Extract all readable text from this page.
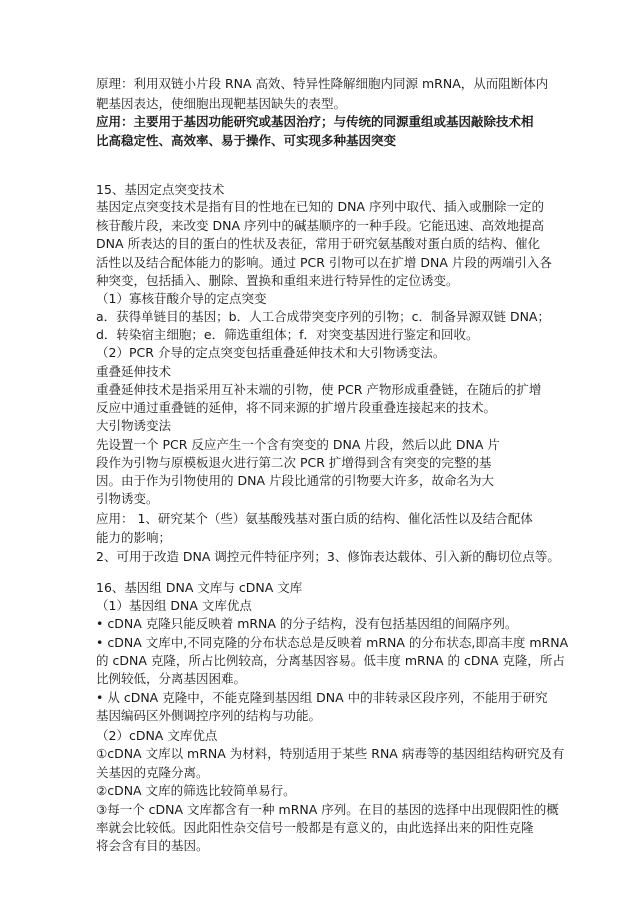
原理：利用双链小片段 RNA 高效、特异性降解细胞内同源 mRNA，从而阻断体内
靶基因表达，使细胞出现靶基因缺失的表型。
应用：主要用于基因功能研究或基因治疗；与传统的同源重组或基因敲除技术相
比高稳定性、高效率、易于操作、可实现多种基因突变
15、基因定点突变技术
基因定点突变技术是指有目的性地在已知的 DNA 序列中取代、插入或删除一定的
核苷酸片段，来改变 DNA 序列中的碱基顺序的一种手段。它能迅速、高效地提高
DNA 所表达的目的蛋白的性状及表征，常用于研究氨基酸对蛋白质的结构、催化
活性以及结合配体能力的影响。通过 PCR 引物可以在扩增 DNA 片段的两端引入各
种突变，包括插入、删除、置换和重组来进行特异性的定位诱变。
（1）寡核苷酸介导的定点突变
a．获得单链目的基因；b．人工合成带突变序列的引物；c．制备异源双链 DNA；
d．转染宿主细胞；e．筛选重组体；f．对突变基因进行鉴定和回收。
（2）PCR 介导的定点突变包括重叠延伸技术和大引物诱变法。
重叠延伸技术
重叠延伸技术是指采用互补末端的引物，使 PCR 产物形成重叠链，在随后的扩增
反应中通过重叠链的延伸，将不同来源的扩增片段重叠连接起来的技术。
大引物诱变法
先设置一个 PCR 反应产生一个含有突变的 DNA 片段，然后以此 DNA 片
段作为引物与原模板退火进行第二次 PCR 扩增得到含有突变的完整的基
因。由于作为引物使用的 DNA 片段比通常的引物要大许多，故命名为大
引物诱变。
应用： 1、研究某个（些）氨基酸残基对蛋白质的结构、催化活性以及结合配体
能力的影响；
2、可用于改造 DNA 调控元件特征序列；3、修饰表达载体、引入新的酶切位点等。
16、基因组 DNA 文库与 cDNA 文库
（1）基因组 DNA 文库优点
• cDNA 克隆只能反映着 mRNA 的分子结构，没有包括基因组的间隔序列。
• cDNA 文库中,不同克隆的分布状态总是反映着 mRNA 的分布状态,即高丰度 mRNA
的 cDNA 克隆，所占比例较高，分离基因容易。低丰度 mRNA 的 cDNA 克隆，所占
比例较低，分离基因困难。
• 从 cDNA 克隆中，不能克隆到基因组 DNA 中的非转录区段序列，不能用于研究
基因编码区外侧调控序列的结构与功能。
（2）cDNA 文库优点
①cDNA 文库以 mRNA 为材料，特别适用于某些 RNA 病毒等的基因组结构研究及有
关基因的克隆分离。
②cDNA 文库的筛选比较简单易行。
③每一个 cDNA 文库都含有一种 mRNA 序列。在目的基因的选择中出现假阳性的概
率就会比较低。因此阳性杂交信号一般都是有意义的，由此选择出来的阳性克隆
将会含有目的基因。
